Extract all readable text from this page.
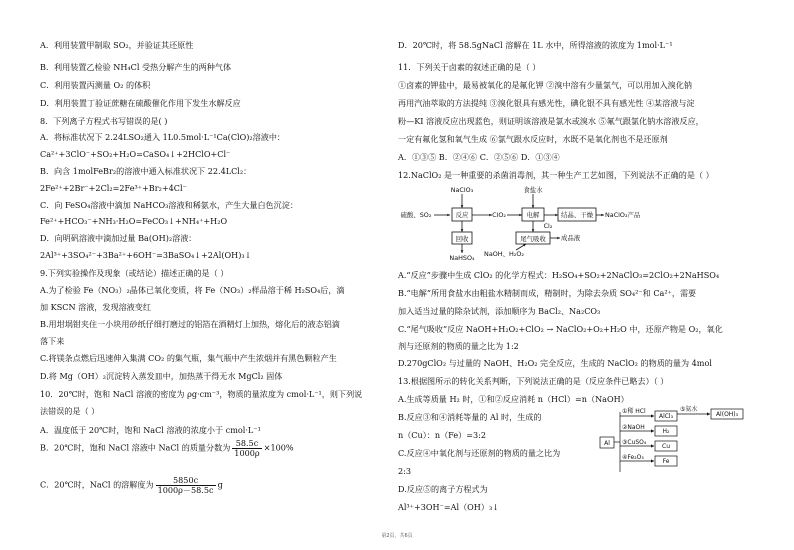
A．利用装置甲制取 SO₂，并验证其还原性
B．利用装置乙检验 NH₄Cl 受热分解产生的两种气体
C．利用装置丙测量 O₂ 的体积
D．利用装置丁验证蔗糖在硫酸催化作用下发生水解反应
8．下列离子方程式书写错误的是( )
A．将标准状况下 2.24LSO₂通入 1L0.5mol·L⁻¹Ca(ClO)₂溶液中：
Ca²⁺+3ClO⁻+SO₂+H₂O=CaSO₄↓+2HClO+Cl⁻
B．向含 1molFeBr₂的溶液中通入标准状况下 22.4LCl₂：
2Fe²⁺+2Br⁻+2Cl₂=2Fe³⁺+Br₂+4Cl⁻
C．向 FeSO₄溶液中滴加 NaHCO₃溶液和稀氨水，产生大量白色沉淀：
Fe²⁺+HCO₃⁻+NH₃·H₂O=FeCO₃↓+NH₄⁺+H₂O
D．向明矾溶液中滴加过量 Ba(OH)₂溶液：
2Al³⁺+3SO₄²⁻+3Ba²⁺+6OH⁻=3BaSO₄↓+2Al(OH)₃↓
9.下列实验操作及现象（或结论）描述正确的是（ ）
A.为了检验 Fe（NO₃）₂晶体已氧化变质，将 Fe（NO₃）₂样品溶于稀 H₂SO₄后，滴
加 KSCN 溶液，发现溶液变红
B.用坩埚钳夹住一小块用砂纸仔细打磨过的铝箔在酒精灯上加热，熔化后的液态铝滴
落下来
C.将镁条点燃后迅速伸入集满 CO₂ 的集气瓶，集气瓶中产生浓烟并有黑色颗粒产生
D.将 Mg（OH）₂沉淀转入蒸发皿中，加热蒸干得无水 MgCl₂ 固体
10．20℃时，饱和 NaCl 溶液的密度为 ρg·cm⁻³，物质的量浓度为 cmol·L⁻¹，则下列说
法错误的是（ ）
A．温度低于 20℃时，饱和 NaCl 溶液的浓度小于 cmol·L⁻¹
B．20℃时，饱和 NaCl 溶液中 NaCl 的质量分数为 $\frac{58.5c}{1000\rho} \times 100\%$
C．20℃时，NaCl 的溶解度为 $\frac{5850c}{1000\rho-58.5c}$ g
D．20℃时，将 58.5gNaCl 溶解在 1L 水中，所得溶液的浓度为 1mol·L⁻¹
11．下列关于卤素的叙述正确的是（ ）
①卤素的钾盐中，最易被氧化的是氟化钾 ②溴中溶有少量氯气，可以用加入溴化钠
再用汽油萃取的方法提纯 ③溴化银具有感光性，碘化银不具有感光性 ④某溶液与淀
粉—KI 溶液反应出现蓝色，则证明该溶液是氯水或溴水 ⑤氟气跟氯化钠水溶液反应，
一定有氟化氢和氧气生成 ⑥氯气跟水反应时，水既不是氧化剂也不是还原剂
A．①③⑤ B．②④⑥ C．②⑤⑥ D．①③④
12.NaClO₂ 是一种重要的杀菌消毒剂，其一种生产工艺如图，下列说法不正确的是（ ）
硫酸、SO₂
NaClO₃
反应	ClO₂
食盐水
电解	结晶、干燥 NaClO₂产品
Cl₂
回收
NaHSO₄
尾气吸收 成品液
NaOH、H₂O₂
A.“反应”步骤中生成 ClO₂ 的化学方程式：H₂SO₄+SO₂+2NaClO₃=2ClO₂+2NaHSO₄
B.“电解”所用食盐水由粗盐水精制而成，精制时，为除去杂质 SO₄²⁻和 Ca²⁺，需要
加入适当过量的除杂试剂，添加顺序为 BaCl₂、Na₂CO₃
C.“尾气吸收”反应 NaOH+H₂O₂+ClO₂ → NaClO₂+O₂+H₂O 中，还原产物是 O₂，氧化
剂与还原剂的物质的量之比为 1:2
D.270gClO₂ 与过量的 NaOH、H₂O₂ 完全反应，生成的 NaClO₂ 的物质的量为 4mol
13.根据图所示的转化关系判断，下列说法正确的是（反应条件已略去）（ ）
A.生成等质量 H₂ 时，①和②反应消耗 n（HCl）=n（NaOH）
B.反应③和④消耗等量的 Al 时，生成的
n（Cu）：n（Fe）=3:2
C.反应④中氧化剂与还原剂的物质的量之比为
2:3
D.反应⑤的离子方程式为
Al³⁺+3OH⁻=Al（OH）₃↓
Al
①稀 HCl
AlCl₃
②NaOH
H₂
③CuSO₄
Cu
④Fe₂O₃
Fe
⑤氨水
Al(OH)₃
第2页，共6页
